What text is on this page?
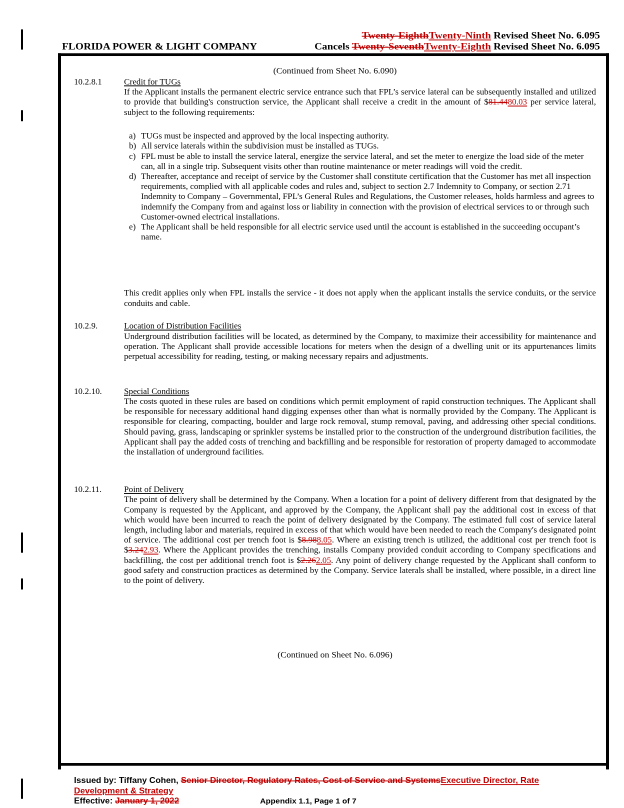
Twenty-EighthTwenty-Ninth Revised Sheet No. 6.095
FLORIDA POWER & LIGHT COMPANY	Cancels Twenty-SeventhTwenty-Eighth Revised Sheet No. 6.095
(Continued from Sheet No. 6.090)
10.2.8.1	Credit for TUGs
If the Applicant installs the permanent electric service entrance such that FPL’s service lateral can be subsequently installed and utilized to provide that building's construction service, the Applicant shall receive a credit in the amount of $81.4480.03 per service lateral, subject to the following requirements:

a) TUGs must be inspected and approved by the local inspecting authority.

b) All service laterals within the subdivision must be installed as TUGs.

c) FPL must be able to install the service lateral, energize the service lateral, and set the meter to energize the load side of the meter can, all in a single trip. Subsequent visits other than routine maintenance or meter readings will void the credit.

d) Thereafter, acceptance and receipt of service by the Customer shall constitute certification that the Customer has met all inspection requirements, complied with all applicable codes and rules and, subject to section 2.7 Indemnity to Company, or section 2.71 Indemnity to Company – Governmental, FPL’s General Rules and Regulations, the Customer releases, holds harmless and agrees to indemnify the Company from and against loss or liability in connection with the provision of electrical services to or through such Customer-owned electrical installations.

e) The Applicant shall be held responsible for all electric service used until the account is established in the succeeding occupant’s name.

This credit applies only when FPL installs the service - it does not apply when the applicant installs the service conduits, or the service conduits and cable.
10.2.9.	Location of Distribution Facilities
Underground distribution facilities will be located, as determined by the Company, to maximize their accessibility for maintenance and operation. The Applicant shall provide accessible locations for meters when the design of a dwelling unit or its appurtenances limits perpetual accessibility for reading, testing, or making necessary repairs and adjustments.
10.2.10.	Special Conditions
The costs quoted in these rules are based on conditions which permit employment of rapid construction techniques. The Applicant shall be responsible for necessary additional hand digging expenses other than what is normally provided by the Company. The Applicant is responsible for clearing, compacting, boulder and large rock removal, stump removal, paving, and addressing other special conditions. Should paving, grass, landscaping or sprinkler systems be installed prior to the construction of the underground distribution facilities, the Applicant shall pay the added costs of trenching and backfilling and be responsible for restoration of property damaged to accommodate the installation of underground facilities.
10.2.11.	Point of Delivery
The point of delivery shall be determined by the Company. When a location for a point of delivery different from that designated by the Company is requested by the Applicant, and approved by the Company, the Applicant shall pay the additional cost in excess of that which would have been incurred to reach the point of delivery designated by the Company. The estimated full cost of service lateral length, including labor and materials, required in excess of that which would have been needed to reach the Company's designated point of service. The additional cost per trench foot is $8.988.05. Where an existing trench is utilized, the additional cost per trench foot is $3.242.93. Where the Applicant provides the trenching, installs Company provided conduit according to Company specifications and backfilling, the cost per additional trench foot is $2.262.05. Any point of delivery change requested by the Applicant shall conform to good safety and construction practices as determined by the Company. Service laterals shall be installed, where possible, in a direct line to the point of delivery.
(Continued on Sheet No. 6.096)
Issued by: Tiffany Cohen, Senior Director, Regulatory Rates, Cost of Service and SystemsExecutive Director, Rate Development & Strategy
Effective: January 1, 2022	Appendix 1.1, Page 1 of 7
